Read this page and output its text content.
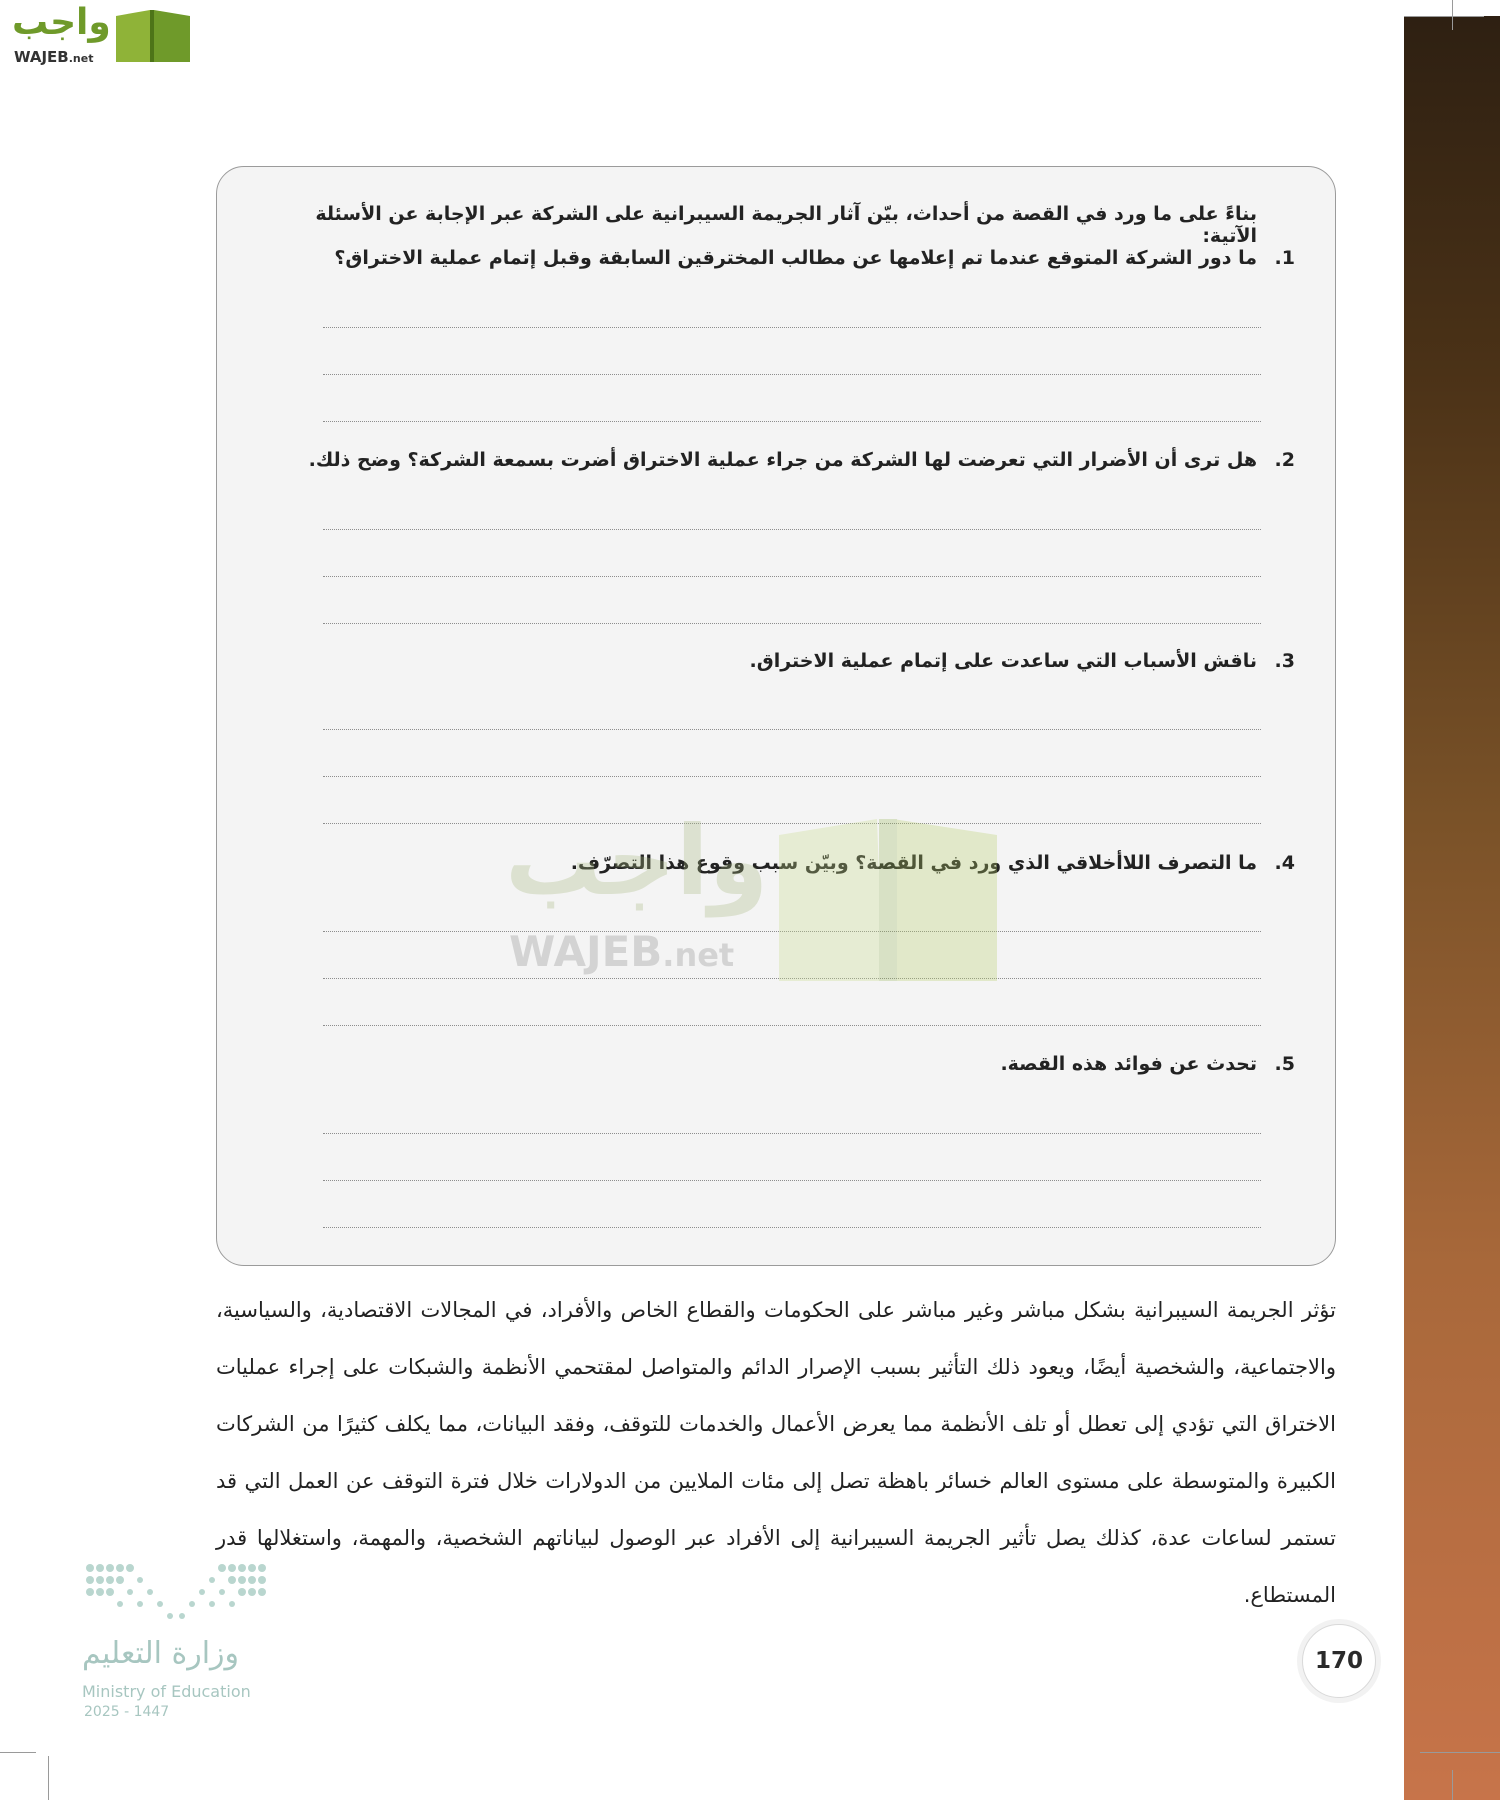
واجب
WAJEB.net
بناءً على ما ورد في القصة من أحداث، بيّن آثار الجريمة السيبرانية على الشركة عبر الإجابة عن الأسئلة الآتية:
1.ما دور الشركة المتوقع عندما تم إعلامها عن مطالب المخترقين السابقة وقبل إتمام عملية الاختراق؟
2.هل ترى أن الأضرار التي تعرضت لها الشركة من جراء عملية الاختراق أضرت بسمعة الشركة؟ وضح ذلك.
3.ناقش الأسباب التي ساعدت على إتمام عملية الاختراق.
4.ما التصرف اللاأخلاقي الذي ورد في القصة؟ وبيّن سبب وقوع هذا التصرّف.
5.تحدث عن فوائد هذه القصة.
واجب
WAJEB.net
تؤثر الجريمة السيبرانية بشكل مباشر وغير مباشر على الحكومات والقطاع الخاص والأفراد، في المجالات الاقتصادية، والسياسية، والاجتماعية، والشخصية أيضًا، ويعود ذلك التأثير بسبب الإصرار الدائم والمتواصل لمقتحمي الأنظمة والشبكات على إجراء عمليات الاختراق التي تؤدي إلى تعطل أو تلف الأنظمة مما يعرض الأعمال والخدمات للتوقف، وفقد البيانات، مما يكلف كثيرًا من الشركات الكبيرة والمتوسطة على مستوى العالم خسائر باهظة تصل إلى مئات الملايين من الدولارات خلال فترة التوقف عن العمل التي قد تستمر لساعات عدة، كذلك يصل تأثير الجريمة السيبرانية إلى الأفراد عبر الوصول لبياناتهم الشخصية، والمهمة، واستغلالها قدر المستطاع.
وزارة التعليم
Ministry of Education
2025 - 1447
170
